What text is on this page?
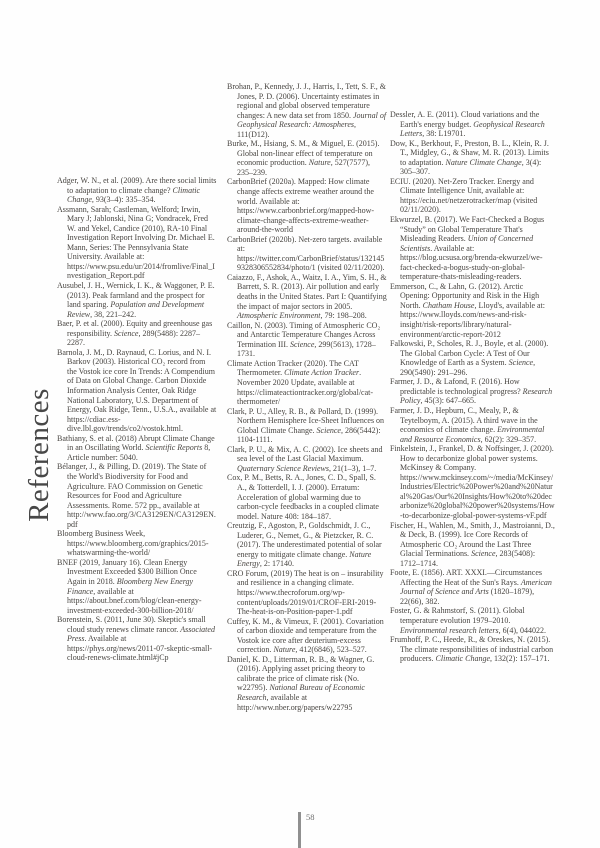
References

Adger, W. N., et al. (2009). Are there social limits to adaptation to climate change? Climatic Change, 93(3–4): 335–354.

Assmann, Sarah; Castleman, Welford; Irwin, Mary J; Jablonski, Nina G; Vondracek, Fred W. and Yekel, Candice (2010), RA-10 Final Investigation Report Involving Dr. Michael E. Mann, Series: The Pennsylvania State University. Available at: https://www.psu.edu/ur/2014/fromlive/Final_Investigation_Report.pdf

Ausubel, J. H., Wernick, I. K., & Waggoner, P. E. (2013). Peak farmland and the prospect for land sparing. Population and Development Review, 38, 221–242.

Baer, P. et al. (2000). Equity and greenhouse gas responsibility. Science, 289(5488): 2287–2287.

Barnola, J. M., D. Raynaud, C. Lorius, and N. I. Barkov (2003). Historical CO₂ record from the Vostok ice core In Trends: A Compendium of Data on Global Change. Carbon Dioxide Information Analysis Center, Oak Ridge National Laboratory, U.S. Department of Energy, Oak Ridge, Tenn., U.S.A., available at https://cdiac.ess-dive.lbl.gov/trends/co2/vostok.html.

Bathiany, S. et al. (2018) Abrupt Climate Change in an Oscillating World. Scientific Reports 8, Article number: 5040.

Bélanger, J., & Pilling, D. (2019). The State of the World's Biodiversity for Food and Agriculture. FAO Commission on Genetic Resources for Food and Agriculture Assessments. Rome. 572 pp., available at http://www.fao.org/3/CA3129EN/CA3129EN.pdf

Bloomberg Business Week, https://www.bloomberg.com/graphics/2015-whatswarming-the-world/

BNEF (2019, January 16). Clean Energy Investment Exceeded $300 Billion Once Again in 2018. Bloomberg New Energy Finance, available at https://about.bnef.com/blog/clean-energy-investment-exceeded-300-billion-2018/

Borenstein, S. (2011, June 30). Skeptic's small cloud study renews climate rancor. Associated Press. Available at https://phys.org/news/2011-07-skeptic-small-cloud-renews-climate.html#jCp

Brohan, P., Kennedy, J. J., Harris, I., Tett, S. F., & Jones, P. D. (2006). Uncertainty estimates in regional and global observed temperature changes: A new data set from 1850. Journal of Geophysical Research: Atmospheres, 111(D12).

Burke, M., Hsiang, S. M., & Miguel, E. (2015). Global non-linear effect of temperature on economic production. Nature, 527(7577), 235–239.

CarbonBrief (2020a). Mapped: How climate change affects extreme weather around the world. Available at: https://www.carbonbrief.org/mapped-how-climate-change-affects-extreme-weather-around-the-world

CarbonBrief (2020b). Net-zero targets. available at: https://twitter.com/CarbonBrief/status/1321459328306552834/photo/1 (visited 02/11/2020).

Caiazzo, F., Ashok, A., Waitz, I. A., Yim, S. H., & Barrett, S. R. (2013). Air pollution and early deaths in the United States. Part I: Quantifying the impact of major sectors in 2005. Atmospheric Environment, 79: 198–208.

Caillon, N. (2003). Timing of Atmospheric CO₂ and Antarctic Temperature Changes Across Termination III. Science, 299(5613), 1728–1731.

Climate Action Tracker (2020). The CAT Thermometer. Climate Action Tracker. November 2020 Update, available at https://climateactiontracker.org/global/cat-thermometer/

Clark, P. U., Alley, R. B., & Pollard, D. (1999). Northern Hemisphere Ice-Sheet Influences on Global Climate Change. Science, 286(5442): 1104-1111.

Clark, P. U., & Mix, A. C. (2002). Ice sheets and sea level of the Last Glacial Maximum. Quaternary Science Reviews, 21(1–3), 1–7.

Cox, P. M., Betts, R. A., Jones, C. D., Spall, S. A., & Totterdell, I. J. (2000). Erratum: Acceleration of global warming due to carbon-cycle feedbacks in a coupled climate model. Nature 408: 184–187.

Creutzig, F., Agoston, P., Goldschmidt, J. C., Luderer, G., Nemet, G., & Pietzcker, R. C. (2017). The underestimated potential of solar energy to mitigate climate change. Nature Energy, 2: 17140.

CRO Forum, (2019) The heat is on – insurability and resilience in a changing climate. https://www.thecroforum.org/wp-content/uploads/2019/01/CROF-ERI-2019-The-heat-is-on-Position-paper-1.pdf

Cuffey, K. M., & Vimeux, F. (2001). Covariation of carbon dioxide and temperature from the Vostok ice core after deuterium-excess correction. Nature, 412(6846), 523–527.

Daniel, K. D., Litterman, R. B., & Wagner, G. (2016). Applying asset pricing theory to calibrate the price of climate risk (No. w22795). National Bureau of Economic Research, available at http://www.nber.org/papers/w22795

Dessler, A. E. (2011). Cloud variations and the Earth's energy budget. Geophysical Research Letters, 38: L19701.

Dow, K., Berkhout, F., Preston, B. L., Klein, R. J. T., Midgley, G., & Shaw, M. R. (2013). Limits to adaptation. Nature Climate Change, 3(4): 305–307.

ECIU. (2020). Net-Zero Tracker. Energy and Climate Intelligence Unit, available at: https://eciu.net/netzerotracker/map (visited 02/11/2020).

Ekwurzel, B. (2017). We Fact-Checked a Bogus “Study” on Global Temperature That's Misleading Readers. Union of Concerned Scientists. Available at: https://blog.ucsusa.org/brenda-ekwurzel/we-fact-checked-a-bogus-study-on-global-temperature-thats-misleading-readers.

Emmerson, C., & Lahn, G. (2012). Arctic Opening: Opportunity and Risk in the High North. Chatham House, Lloyd's, available at: https://www.lloyds.com/news-and-risk-insight/risk-reports/library/natural-environment/arctic-report-2012

Falkowski, P., Scholes, R. J., Boyle, et al. (2000). The Global Carbon Cycle: A Test of Our Knowledge of Earth as a System. Science, 290(5490): 291–296.

Farmer, J. D., & Lafond, F. (2016). How predictable is technological progress? Research Policy, 45(3): 647–665.

Farmer, J. D., Hepburn, C., Mealy, P., & Teytelboym, A. (2015). A third wave in the economics of climate change. Environmental and Resource Economics, 62(2): 329–357.

Finkelstein, J., Frankel, D. & Noffsinger, J. (2020). How to decarbonize global power systems. McKinsey & Company. https://www.mckinsey.com/~/media/McKinsey/Industries/Electric%20Power%20and%20Natural%20Gas/Our%20Insights/How%20to%20decarbonize%20global%20power%20systems/How-to-decarbonize-global-power-systems-vF.pdf

Fischer, H., Wahlen, M., Smith, J., Mastroianni, D., & Deck, B. (1999). Ice Core Records of Atmospheric CO₂ Around the Last Three Glacial Terminations. Science, 283(5408): 1712–1714.

Foote, E. (1856). ART. XXXI.—Circumstances Affecting the Heat of the Sun's Rays. American Journal of Science and Arts (1820–1879), 22(66), 382.

Foster, G. & Rahmstorf, S. (2011). Global temperature evolution 1979–2010. Environmental research letters, 6(4), 044022.

Frumhoff, P. C., Heede, R., & Oreskes, N. (2015). The climate responsibilities of industrial carbon producers. Climatic Change, 132(2): 157–171.

58
